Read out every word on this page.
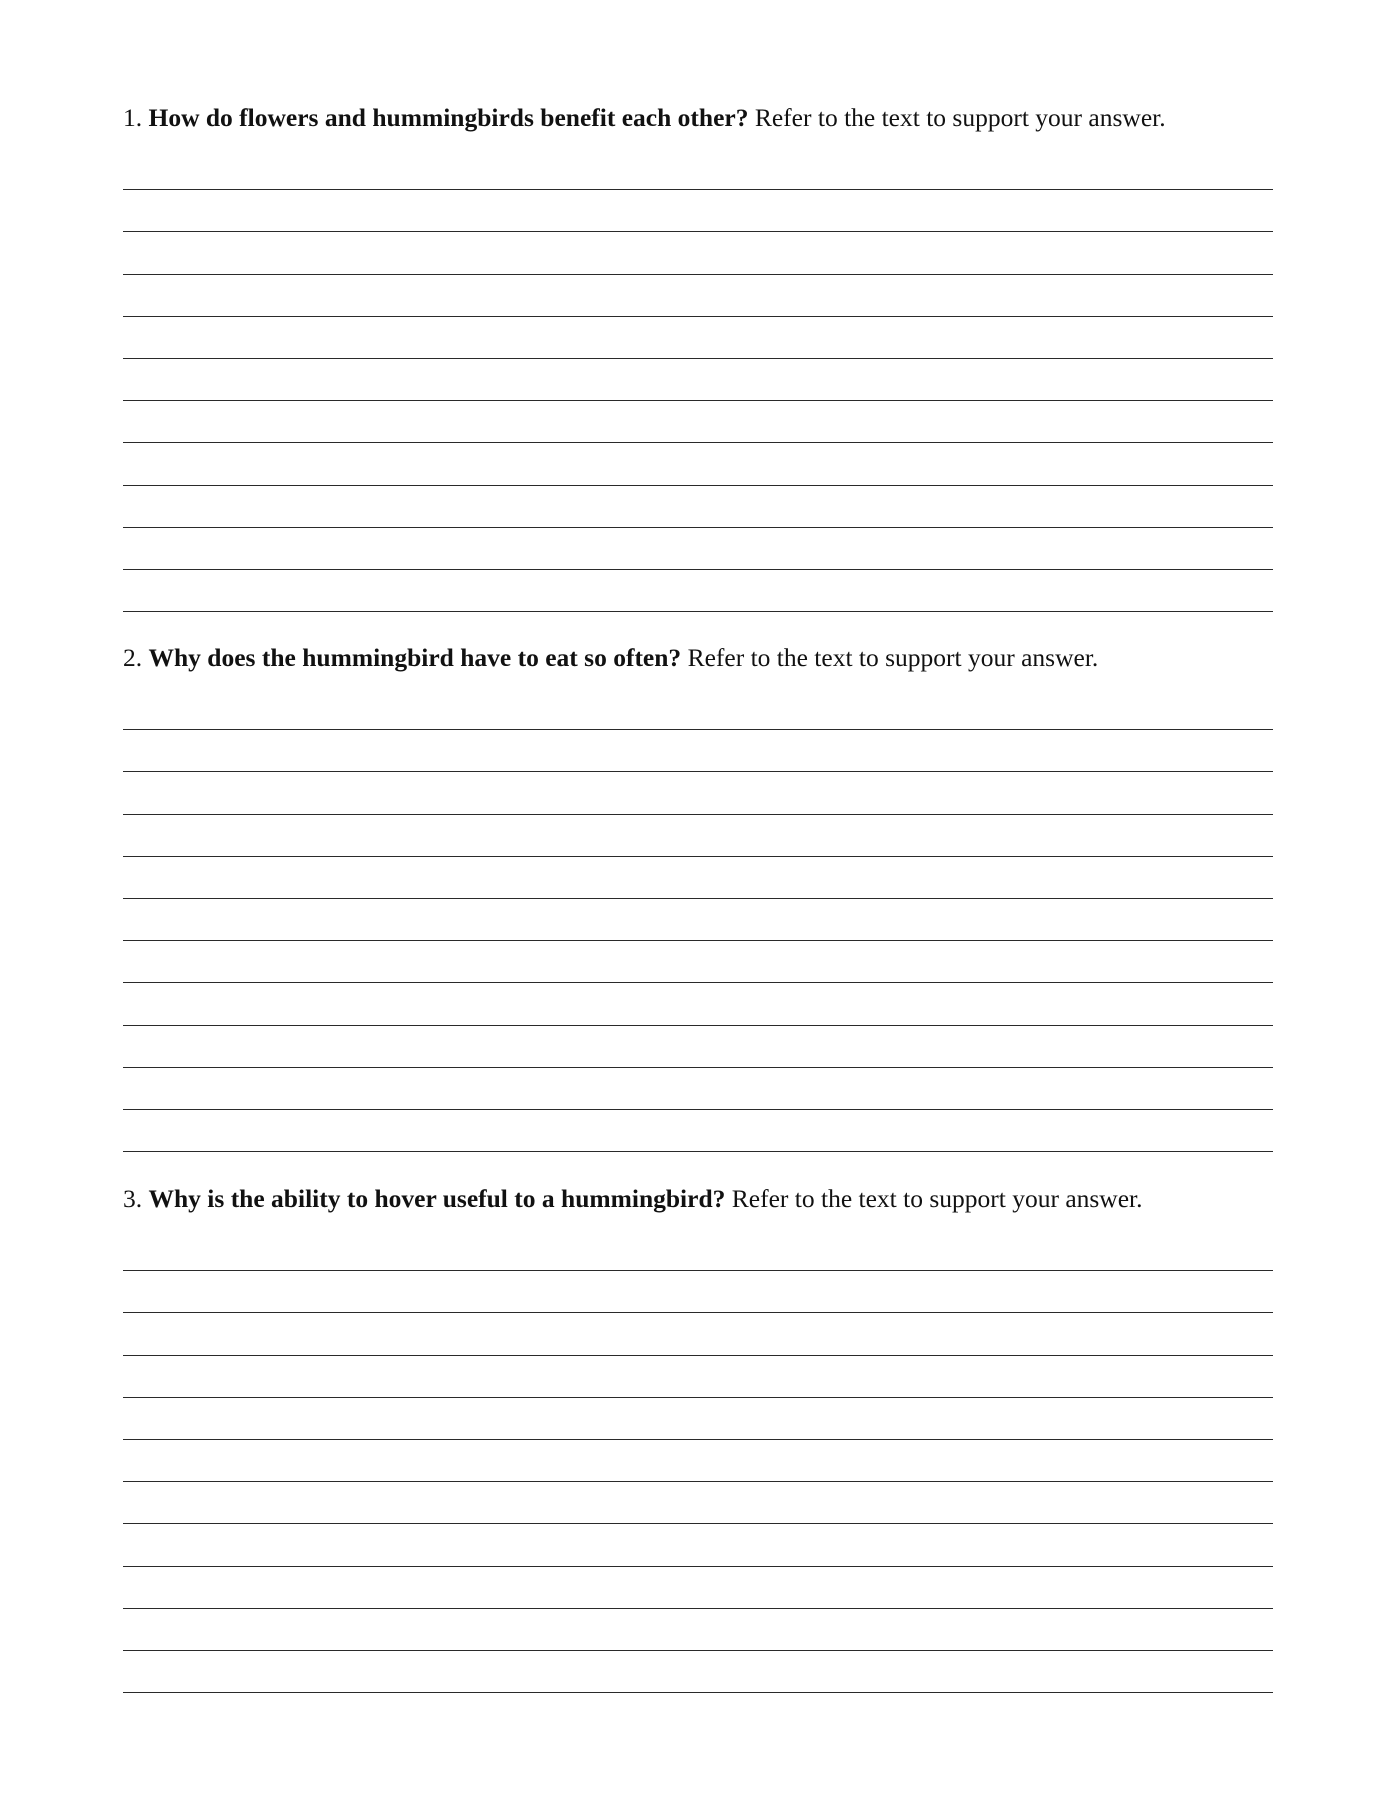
1. How do flowers and hummingbirds benefit each other? Refer to the text to support your answer.

2. Why does the hummingbird have to eat so often? Refer to the text to support your answer.

3. Why is the ability to hover useful to a hummingbird? Refer to the text to support your answer.
